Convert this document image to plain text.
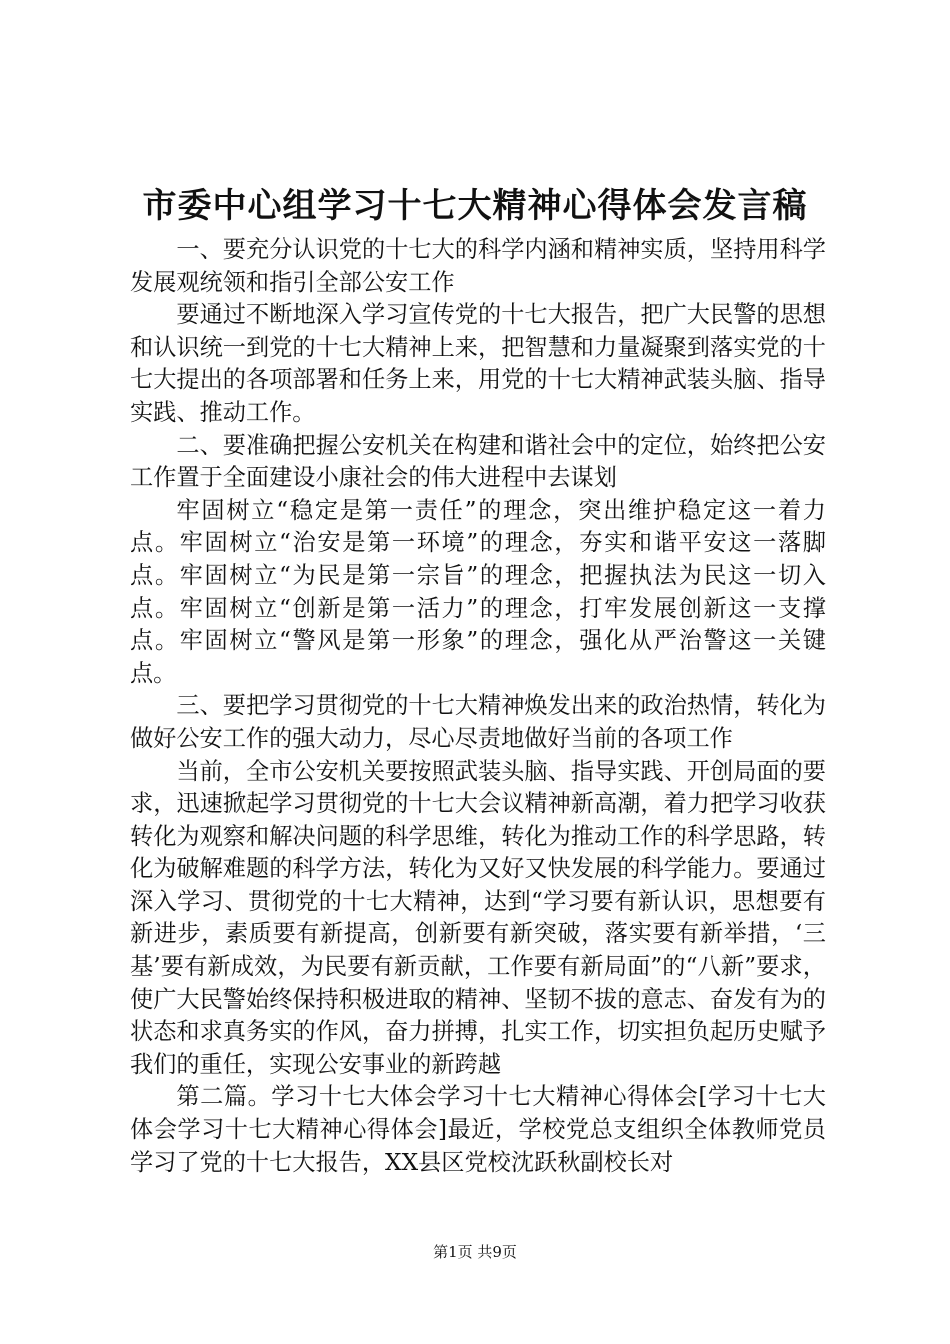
市委中心组学习十七大精神心得体会发言稿

一、要充分认识党的十七大的科学内涵和精神实质，坚持用科学发展观统领和指引全部公安工作

要通过不断地深入学习宣传党的十七大报告，把广大民警的思想和认识统一到党的十七大精神上来，把智慧和力量凝聚到落实党的十七大提出的各项部署和任务上来，用党的十七大精神武装头脑、指导实践、推动工作。

二、要准确把握公安机关在构建和谐社会中的定位，始终把公安工作置于全面建设小康社会的伟大进程中去谋划

牢固树立“稳定是第一责任”的理念，突出维护稳定这一着力点。牢固树立“治安是第一环境”的理念，夯实和谐平安这一落脚点。牢固树立“为民是第一宗旨”的理念，把握执法为民这一切入点。牢固树立“创新是第一活力”的理念，打牢发展创新这一支撑点。牢固树立“警风是第一形象”的理念，强化从严治警这一关键点。

三、要把学习贯彻党的十七大精神焕发出来的政治热情，转化为做好公安工作的强大动力，尽心尽责地做好当前的各项工作

当前，全市公安机关要按照武装头脑、指导实践、开创局面的要求，迅速掀起学习贯彻党的十七大会议精神新高潮，着力把学习收获转化为观察和解决问题的科学思维，转化为推动工作的科学思路，转化为破解难题的科学方法，转化为又好又快发展的科学能力。要通过深入学习、贯彻党的十七大精神，达到“学习要有新认识，思想要有新进步，素质要有新提高，创新要有新突破，落实要有新举措，‘三基’要有新成效，为民要有新贡献，工作要有新局面”的“八新”要求，使广大民警始终保持积极进取的精神、坚韧不拔的意志、奋发有为的状态和求真务实的作风，奋力拼搏，扎实工作，切实担负起历史赋予我们的重任，实现公安事业的新跨越

第二篇。学习十七大体会学习十七大精神心得体会[学习十七大体会学习十七大精神心得体会]最近，学校党总支组织全体教师党员学习了党的十七大报告，XX县区党校沈跃秋副校长对

第1页 共9页
